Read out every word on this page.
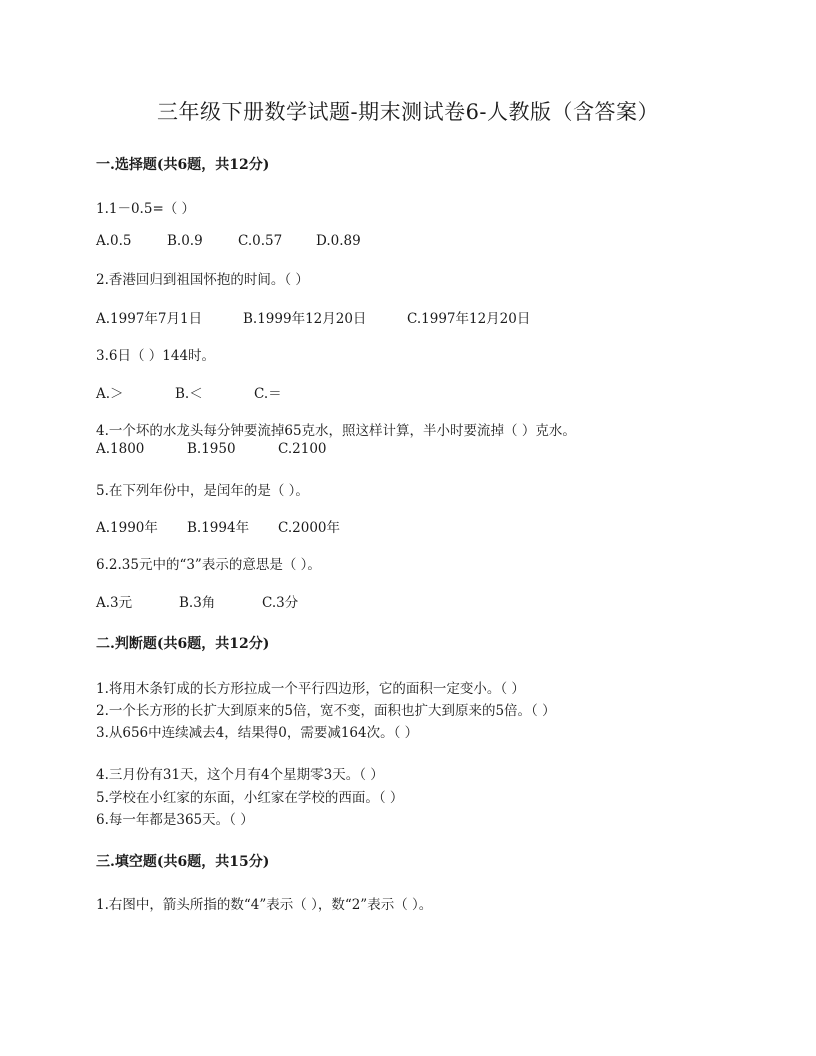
三年级下册数学试题-期末测试卷6-人教版（含答案）
一.选择题(共6题，共12分)
1.1－0.5=（ ）
A.0.5	B.0.9	C.0.57	D.0.89
2.香港回归到祖国怀抱的时间。（ ）
A.1997年7月1日	B.1999年12月20日	C.1997年12月20日
3.6日（ ）144时。
A.＞	B.＜	C.＝
4.一个坏的水龙头每分钟要流掉65克水，照这样计算，半小时要流掉（ ）克水。
A.1800	B.1950	C.2100
5.在下列年份中，是闰年的是（ ）。
A.1990年 B.1994年 C.2000年
6.2.35元中的“3”表示的意思是（ ）。
A.3元	B.3角	C.3分
二.判断题(共6题，共12分)
1.将用木条钉成的长方形拉成一个平行四边形，它的面积一定变小。（ ）
2.一个长方形的长扩大到原来的5倍，宽不变，面积也扩大到原来的5倍。（ ）
3.从656中连续减去4，结果得0，需要减164次。（ ）
4.三月份有31天，这个月有4个星期零3天。（ ）
5.学校在小红家的东面，小红家在学校的西面。（ ）
6.每一年都是365天。（ ）
三.填空题(共6题，共15分)
1.右图中，箭头所指的数“4”表示（ ），数“2”表示（ ）。
